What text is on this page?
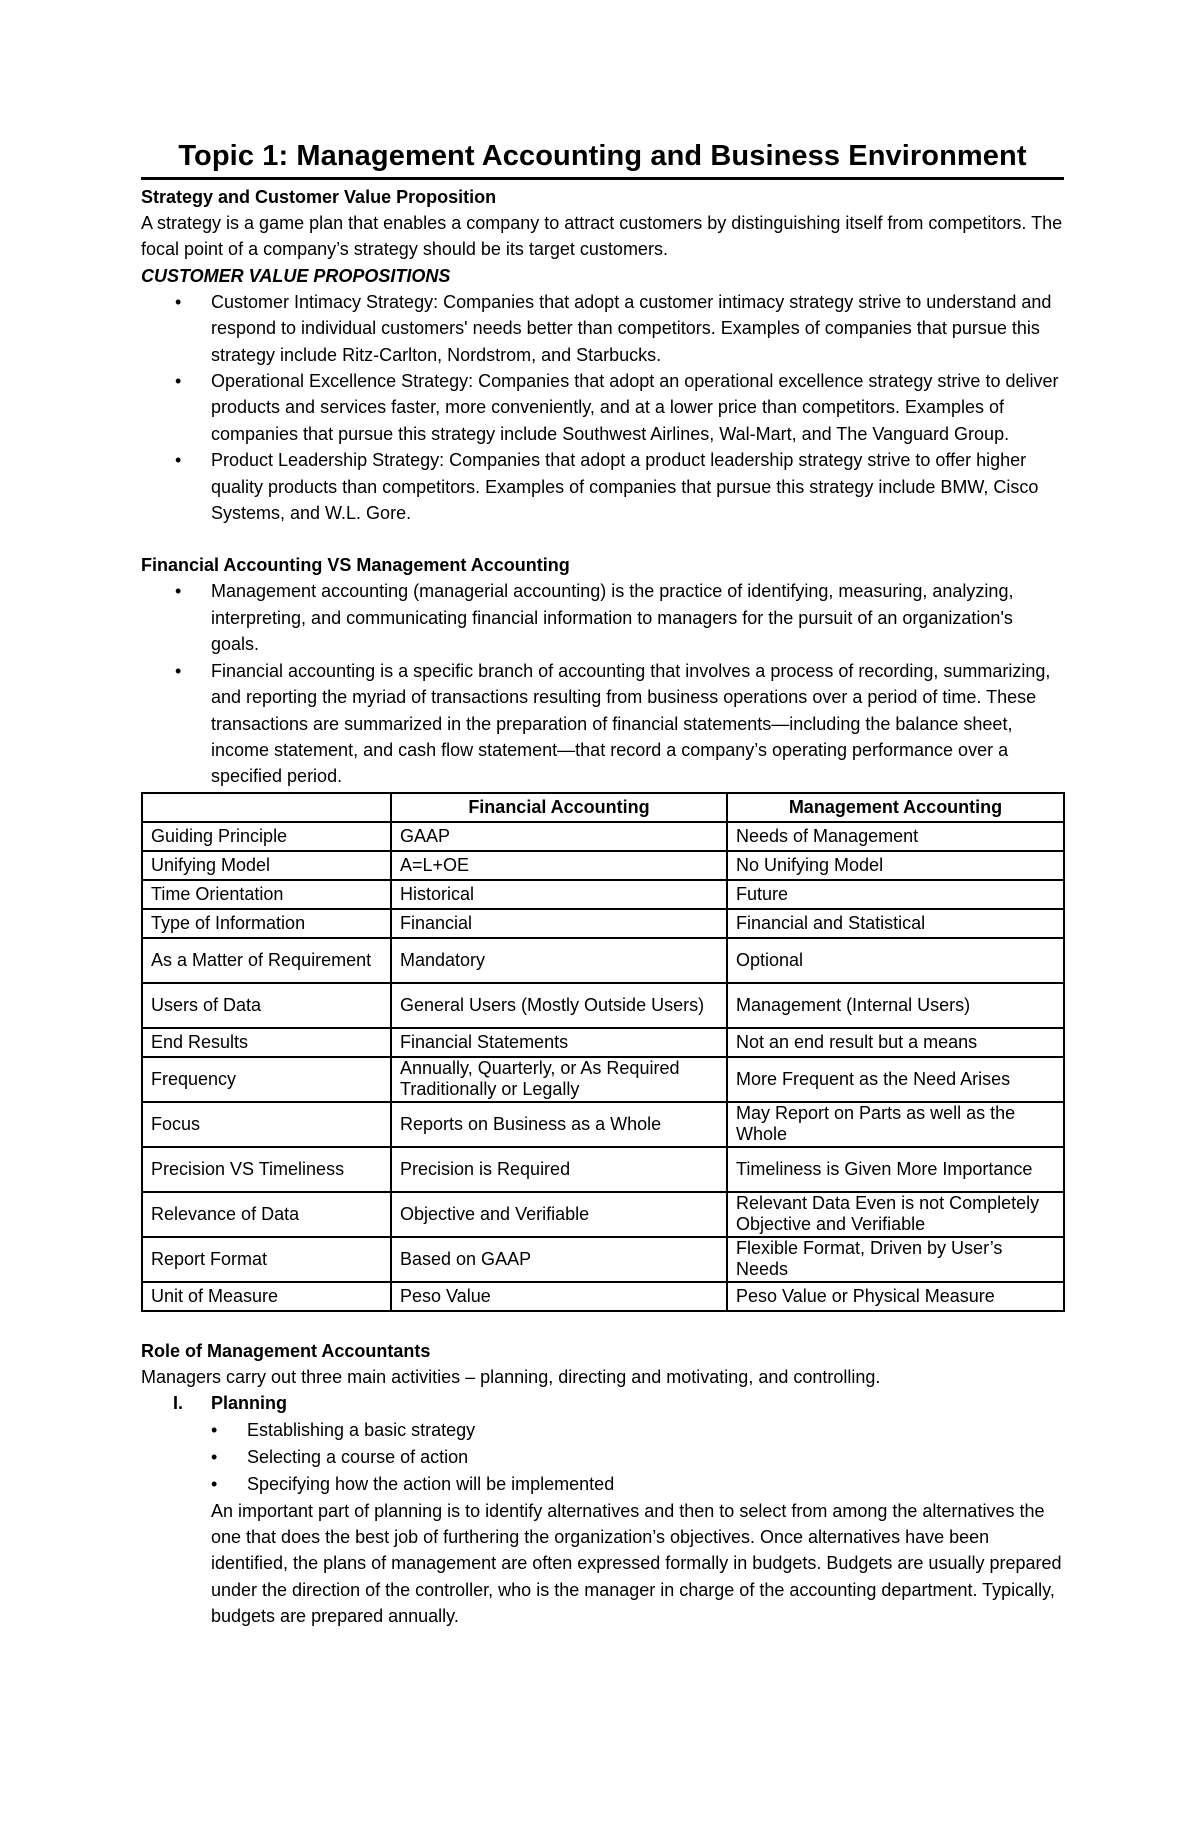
Topic 1: Management Accounting and Business Environment
Strategy and Customer Value Proposition

A strategy is a game plan that enables a company to attract customers by distinguishing itself from competitors. The focal point of a company’s strategy should be its target customers.

CUSTOMER VALUE PROPOSITIONS
• Customer Intimacy Strategy: Companies that adopt a customer intimacy strategy strive to understand and respond to individual customers' needs better than competitors. Examples of companies that pursue this strategy include Ritz-Carlton, Nordstrom, and Starbucks.
• Operational Excellence Strategy: Companies that adopt an operational excellence strategy strive to deliver products and services faster, more conveniently, and at a lower price than competitors. Examples of companies that pursue this strategy include Southwest Airlines, Wal-Mart, and The Vanguard Group.
• Product Leadership Strategy: Companies that adopt a product leadership strategy strive to offer higher quality products than competitors. Examples of companies that pursue this strategy include BMW, Cisco Systems, and W.L. Gore.
Financial Accounting VS Management Accounting
• Management accounting (managerial accounting) is the practice of identifying, measuring, analyzing, interpreting, and communicating financial information to managers for the pursuit of an organization's goals.
• Financial accounting is a specific branch of accounting that involves a process of recording, summarizing, and reporting the myriad of transactions resulting from business operations over a period of time. These transactions are summarized in the preparation of financial statements—including the balance sheet, income statement, and cash flow statement—that record a company’s operating performance over a specified period.
	Financial Accounting	Management Accounting
Guiding Principle	GAAP	Needs of Management
Unifying Model	A=L+OE	No Unifying Model
Time Orientation	Historical	Future
Type of Information	Financial	Financial and Statistical
As a Matter of Requirement	Mandatory	Optional
Users of Data	General Users (Mostly Outside Users)	Management (Internal Users)
End Results	Financial Statements	Not an end result but a means
Frequency	Annually, Quarterly, or As Required Traditionally or Legally	More Frequent as the Need Arises
Focus	Reports on Business as a Whole	May Report on Parts as well as the Whole
Precision VS Timeliness	Precision is Required	Timeliness is Given More Importance
Relevance of Data	Objective and Verifiable	Relevant Data Even is not Completely Objective and Verifiable
Report Format	Based on GAAP	Flexible Format, Driven by User’s Needs
Unit of Measure	Peso Value	Peso Value or Physical Measure
Role of Management Accountants

Managers carry out three main activities – planning, directing and motivating, and controlling.

I. Planning

• Establishing a basic strategy
• Selecting a course of action
• Specifying how the action will be implemented

An important part of planning is to identify alternatives and then to select from among the alternatives the one that does the best job of furthering the organization’s objectives. Once alternatives have been identified, the plans of management are often expressed formally in budgets. Budgets are usually prepared under the direction of the controller, who is the manager in charge of the accounting department. Typically, budgets are prepared annually.
